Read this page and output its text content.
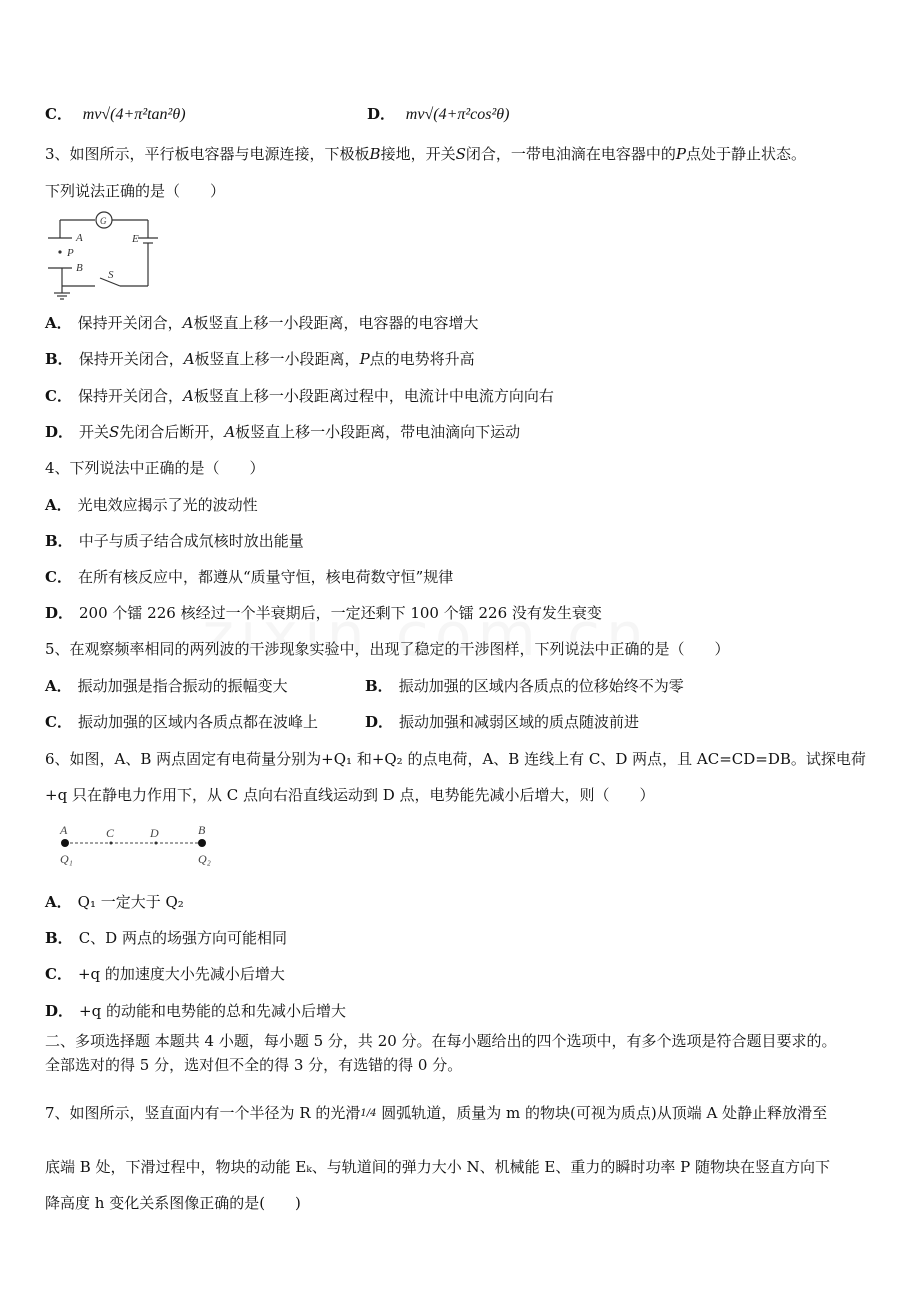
C． mv√(4+π²tan²θ)	D． mv√(4+π²cos²θ)
3、如图所示，平行板电容器与电源连接，下极板B接地，开关S闭合，一带电油滴在电容器中的P点处于静止状态。
下列说法正确的是（　　）
G
A	E
P
B
S
A． 保持开关闭合，A板竖直上移一小段距离，电容器的电容增大
B． 保持开关闭合，A板竖直上移一小段距离，P点的电势将升高
C． 保持开关闭合，A板竖直上移一小段距离过程中，电流计中电流方向向右
D． 开关S先闭合后断开，A板竖直上移一小段距离，带电油滴向下运动
4、下列说法中正确的是（　　）
A． 光电效应揭示了光的波动性
B． 中子与质子结合成氘核时放出能量
C． 在所有核反应中，都遵从“质量守恒，核电荷数守恒”规律
D． 200 个镭 226 核经过一个半衰期后，一定还剩下 100 个镭 226 没有发生衰变
5、在观察频率相同的两列波的干涉现象实验中，出现了稳定的干涉图样，下列说法中正确的是（　　）
A． 振动加强是指合振动的振幅变大	B． 振动加强的区域内各质点的位移始终不为零
C． 振动加强的区域内各质点都在波峰上	D． 振动加强和减弱区域的质点随波前进
6、如图，A、B 两点固定有电荷量分别为+Q₁ 和+Q₂ 的点电荷，A、B 连线上有 C、D 两点，且 AC=CD=DB。试探电荷
+q 只在静电力作用下，从 C 点向右沿直线运动到 D 点，电势能先减小后增大，则（　　）
A	C	D	B
Q₁	Q₂
A． Q₁ 一定大于 Q₂
B． C、D 两点的场强方向可能相同
C． +q 的加速度大小先减小后增大
D． +q 的动能和电势能的总和先减小后增大
二、多项选择题 本题共 4 小题，每小题 5 分，共 20 分。在每小题给出的四个选项中，有多个选项是符合题目要求的。
全部选对的得 5 分，选对但不全的得 3 分，有选错的得 0 分。
7、如图所示，竖直面内有一个半径为 R 的光滑1/4 圆弧轨道，质量为 m 的物块(可视为质点)从顶端 A 处静止释放滑至
底端 B 处，下滑过程中，物块的动能 Eₖ、与轨道间的弹力大小 N、机械能 E、重力的瞬时功率 P 随物块在竖直方向下
降高度 h 变化关系图像正确的是(　　)
